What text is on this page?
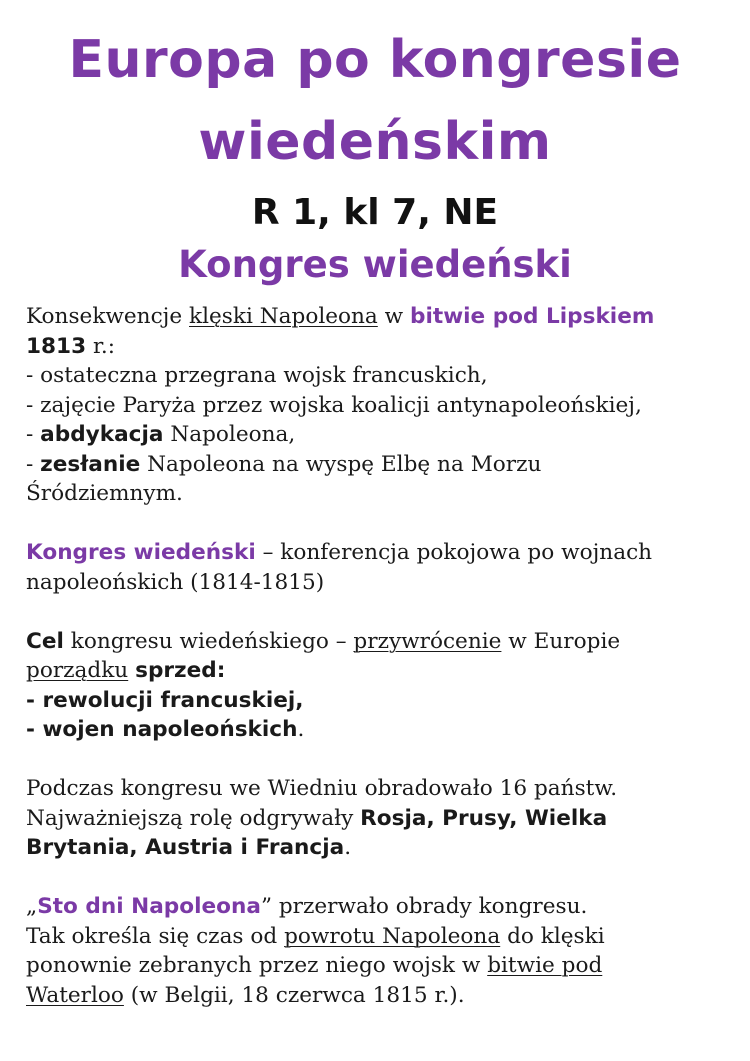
Europa po kongresie
wiedeńskim
R 1, kl 7, NE
Kongres wiedeński

Konsekwencje klęski Napoleona w bitwie pod Lipskiem

1813 r.:

- ostateczna przegrana wojsk francuskich,

- zajęcie Paryża przez wojska koalicji antynapoleońskiej,

- abdykacja Napoleona,

- zesłanie Napoleona na wyspę Elbę na Morzu

Śródziemnym.

Kongres wiedeński – konferencja pokojowa po wojnach

napoleońskich (1814-1815)

Cel kongresu wiedeńskiego – przywrócenie w Europie

porządku sprzed:

- rewolucji francuskiej,

- wojen napoleońskich.

Podczas kongresu we Wiedniu obradowało 16 państw.

Najważniejszą rolę odgrywały Rosja, Prusy, Wielka

Brytania, Austria i Francja.

„Sto dni Napoleona” przerwało obrady kongresu.

Tak określa się czas od powrotu Napoleona do klęski

ponownie zebranych przez niego wojsk w bitwie pod

Waterloo (w Belgii, 18 czerwca 1815 r.).
